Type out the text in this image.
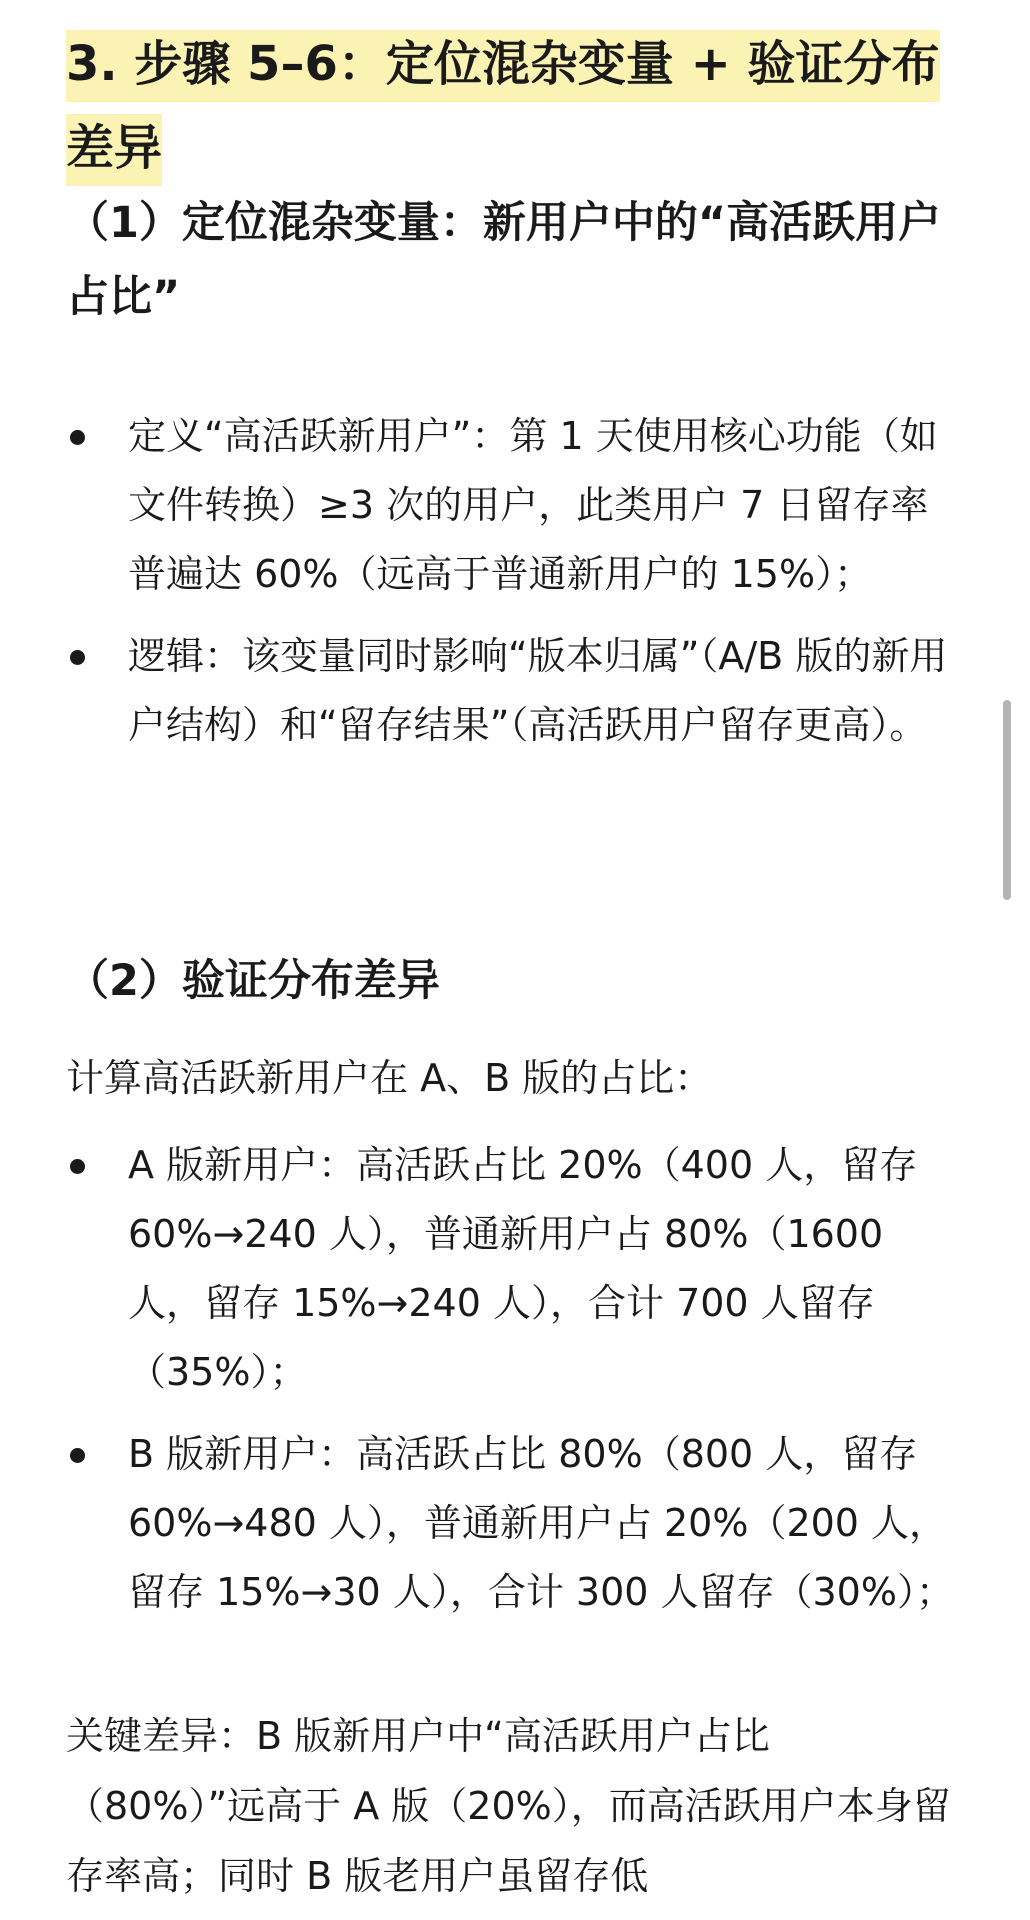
3. 步骤 5–6：定位混杂变量 + 验证分布差异
（1）定位混杂变量：新用户中的“高活跃用户占比”
定义“高活跃新用户”：第 1 天使用核心功能（如文件转换）≥3 次的用户，此类用户 7 日留存率普遍达 60%（远高于普通新用户的 15%）；
逻辑：该变量同时影响“版本归属”（A/B 版的新用户结构）和“留存结果”（高活跃用户留存更高）。
（2）验证分布差异

计算高活跃新用户在 A、B 版的占比：

A 版新用户：高活跃占比 20%（400 人，留存 60%→240 人），普通新用户占 80%（1600 人，留存 15%→240 人），合计 700 人留存（35%）；
B 版新用户：高活跃占比 80%（800 人，留存 60%→480 人），普通新用户占 20%（200 人，留存 15%→30 人），合计 300 人留存（30%）；

关键差异：B 版新用户中“高活跃用户占比（80%）”远高于 A 版（20%），而高活跃用户本身留存率高；同时 B 版老用户虽留存低
